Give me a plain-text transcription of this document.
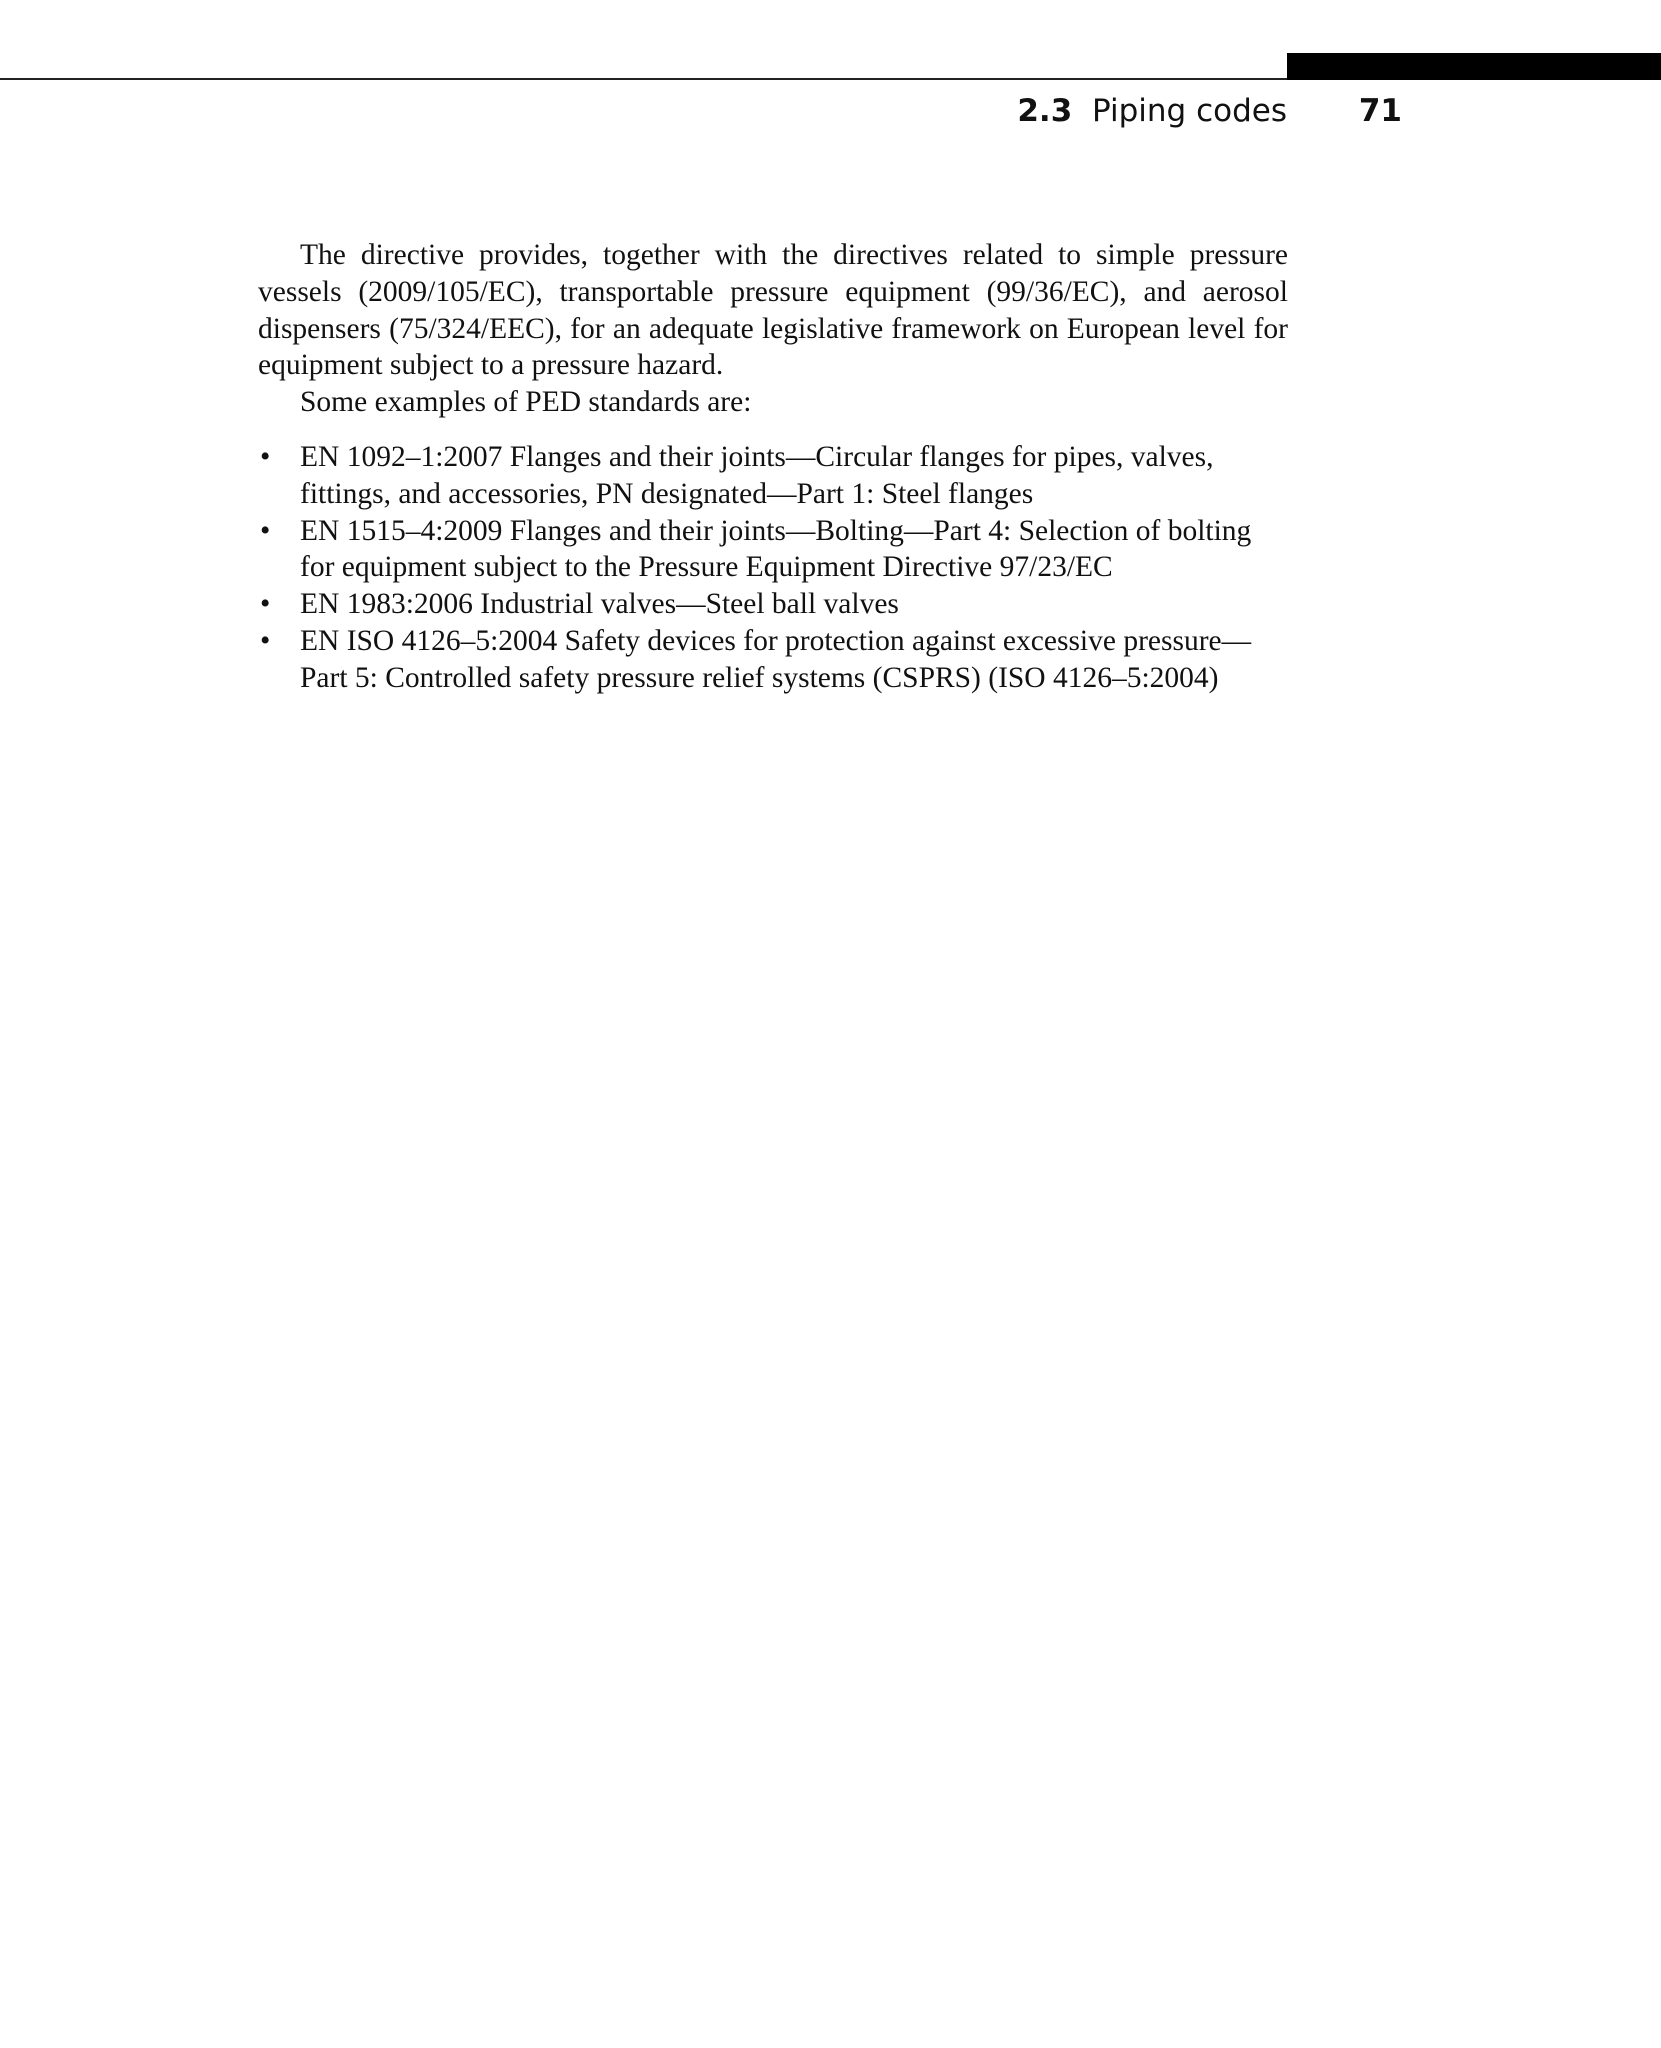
2.3 Piping codes 71

The directive provides, together with the directives related to simple pressure vessels (2009/105/EC), transportable pressure equipment (99/36/EC), and aerosol dispensers (75/324/EEC), for an adequate legislative framework on European level for equipment subject to a pressure hazard.

Some examples of PED standards are:

• EN 1092–1:2007 Flanges and their joints—Circular flanges for pipes, valves, fittings, and accessories, PN designated—Part 1: Steel flanges
• EN 1515–4:2009 Flanges and their joints—Bolting—Part 4: Selection of bolting for equipment subject to the Pressure Equipment Directive 97/23/EC
• EN 1983:2006 Industrial valves—Steel ball valves
• EN ISO 4126–5:2004 Safety devices for protection against excessive pressure—Part 5: Controlled safety pressure relief systems (CSPRS) (ISO 4126–5:2004)
